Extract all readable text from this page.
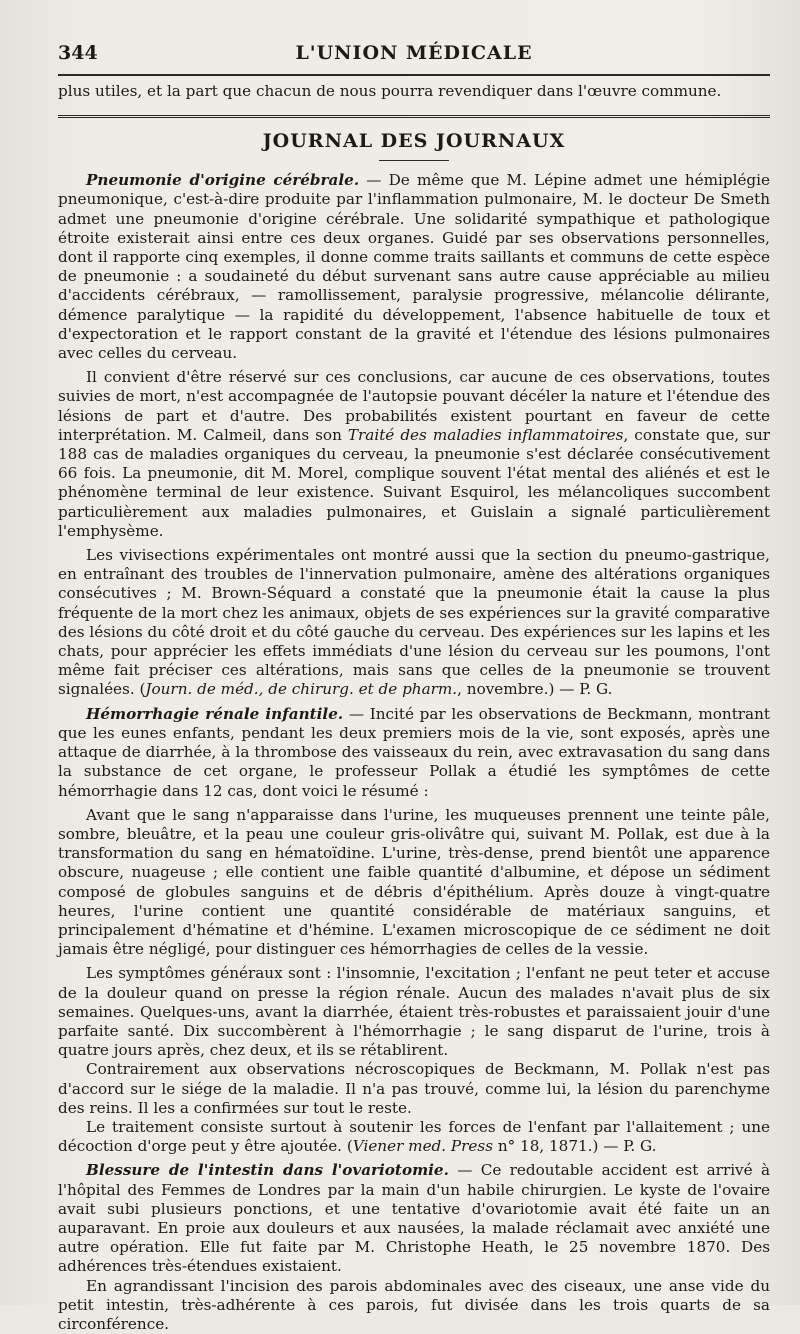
344	L'UNION MÉDICALE

plus utiles, et la part que chacun de nous pourra revendiquer dans l'œuvre commune.

JOURNAL DES JOURNAUX

Pneumonie d'origine cérébrale. — De même que M. Lépine admet une hémiplégie pneumonique, c'est-à-dire produite par l'inflammation pulmonaire, M. le docteur De Smeth admet une pneumonie d'origine cérébrale. Une solidarité sympathique et pathologique étroite existerait ainsi entre ces deux organes. Guidé par ses observations personnelles, dont il rapporte cinq exemples, il donne comme traits saillants et communs de cette espèce de pneumonie : a soudaineté du début survenant sans autre cause appréciable au milieu d'accidents cérébraux, — ramollissement, paralysie progressive, mélancolie délirante, démence paralytique — la rapidité du développement, l'absence habituelle de toux et d'expectoration et le rapport constant de la gravité et l'étendue des lésions pulmonaires avec celles du cerveau.

Il convient d'être réservé sur ces conclusions, car aucune de ces observations, toutes suivies de mort, n'est accompagnée de l'autopsie pouvant décéler la nature et l'étendue des lésions de part et d'autre. Des probabilités existent pourtant en faveur de cette interprétation. M. Calmeil, dans son Traité des maladies inflammatoires, constate que, sur 188 cas de maladies organiques du cerveau, la pneumonie s'est déclarée consécutivement 66 fois. La pneumonie, dit M. Morel, complique souvent l'état mental des aliénés et est le phénomène terminal de leur existence. Suivant Esquirol, les mélancoliques succombent particulièrement aux maladies pulmonaires, et Guislain a signalé particulièrement l'emphysème.

Les vivisections expérimentales ont montré aussi que la section du pneumo-gastrique, en entraînant des troubles de l'innervation pulmonaire, amène des altérations organiques consécutives ; M. Brown-Séquard a constaté que la pneumonie était la cause la plus fréquente de la mort chez les animaux, objets de ses expériences sur la gravité comparative des lésions du côté droit et du côté gauche du cerveau. Des expériences sur les lapins et les chats, pour apprécier les effets immédiats d'une lésion du cerveau sur les poumons, l'ont même fait préciser ces altérations, mais sans que celles de la pneumonie se trouvent signalées. (Journ. de méd., de chirurg. et de pharm., novembre.) — P. G.

Hémorrhagie rénale infantile. — Incité par les observations de Beckmann, montrant que les eunes enfants, pendant les deux premiers mois de la vie, sont exposés, après une attaque de diarrhée, à la thrombose des vaisseaux du rein, avec extravasation du sang dans la substance de cet organe, le professeur Pollak a étudié les symptômes de cette hémorrhagie dans 12 cas, dont voici le résumé :

Avant que le sang n'apparaisse dans l'urine, les muqueuses prennent une teinte pâle, sombre, bleuâtre, et la peau une couleur gris-olivâtre qui, suivant M. Pollak, est due à la transformation du sang en hématoïdine. L'urine, très-dense, prend bientôt une apparence obscure, nuageuse ; elle contient une faible quantité d'albumine, et dépose un sédiment composé de globules sanguins et de débris d'épithélium. Après douze à vingt-quatre heures, l'urine contient une quantité considérable de matériaux sanguins, et principalement d'hématine et d'hémine. L'examen microscopique de ce sédiment ne doit jamais être négligé, pour distinguer ces hémorrhagies de celles de la vessie.

Les symptômes généraux sont : l'insomnie, l'excitation ; l'enfant ne peut teter et accuse de la douleur quand on presse la région rénale. Aucun des malades n'avait plus de six semaines. Quelques-uns, avant la diarrhée, étaient très-robustes et paraissaient jouir d'une parfaite santé. Dix succombèrent à l'hémorrhagie ; le sang disparut de l'urine, trois à quatre jours après, chez deux, et ils se rétablirent.

Contrairement aux observations nécroscopiques de Beckmann, M. Pollak n'est pas d'accord sur le siége de la maladie. Il n'a pas trouvé, comme lui, la lésion du parenchyme des reins. Il les a confirmées sur tout le reste.

Le traitement consiste surtout à soutenir les forces de l'enfant par l'allaitement ; une décoction d'orge peut y être ajoutée. (Viener med. Press n° 18, 1871.) — P. G.

Blessure de l'intestin dans l'ovariotomie. — Ce redoutable accident est arrivé à l'hôpital des Femmes de Londres par la main d'un habile chirurgien. Le kyste de l'ovaire avait subi plusieurs ponctions, et une tentative d'ovariotomie avait été faite un an auparavant. En proie aux douleurs et aux nausées, la malade réclamait avec anxiété une autre opération. Elle fut faite par M. Christophe Heath, le 25 novembre 1870. Des adhérences très-étendues existaient.

En agrandissant l'incision des parois abdominales avec des ciseaux, une anse vide du petit intestin, très-adhérente à ces parois, fut divisée dans les trois quarts de sa circonférence.
